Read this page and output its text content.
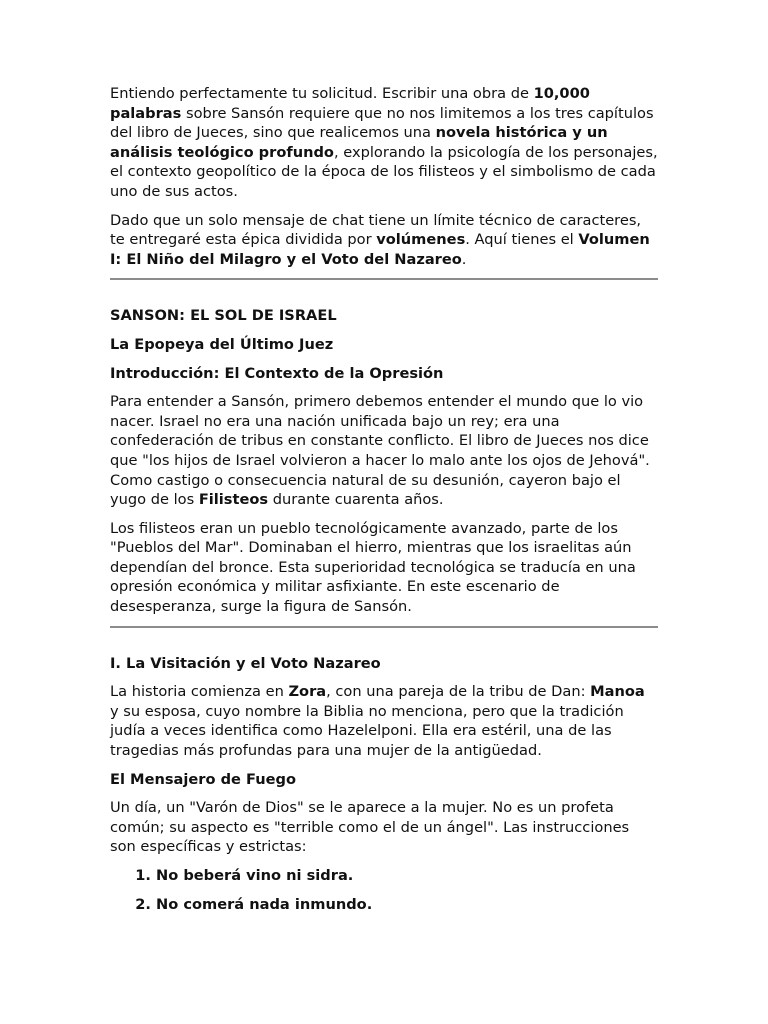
Entiendo perfectamente tu solicitud. Escribir una obra de 10,000 palabras sobre Sansón requiere que no nos limitemos a los tres capítulos del libro de Jueces, sino que realicemos una novela histórica y un análisis teológico profundo, explorando la psicología de los personajes, el contexto geopolítico de la época de los filisteos y el simbolismo de cada uno de sus actos.

Dado que un solo mensaje de chat tiene un límite técnico de caracteres, te entregaré esta épica dividida por volúmenes. Aquí tienes el Volumen I: El Niño del Milagro y el Voto del Nazareo.

SANSON: EL SOL DE ISRAEL

La Epopeya del Último Juez

Introducción: El Contexto de la Opresión

Para entender a Sansón, primero debemos entender el mundo que lo vio nacer. Israel no era una nación unificada bajo un rey; era una confederación de tribus en constante conflicto. El libro de Jueces nos dice que "los hijos de Israel volvieron a hacer lo malo ante los ojos de Jehová". Como castigo o consecuencia natural de su desunión, cayeron bajo el yugo de los Filisteos durante cuarenta años.

Los filisteos eran un pueblo tecnológicamente avanzado, parte de los "Pueblos del Mar". Dominaban el hierro, mientras que los israelitas aún dependían del bronce. Esta superioridad tecnológica se traducía en una opresión económica y militar asfixiante. En este escenario de desesperanza, surge la figura de Sansón.

I. La Visitación y el Voto Nazareo

La historia comienza en Zora, con una pareja de la tribu de Dan: Manoa y su esposa, cuyo nombre la Biblia no menciona, pero que la tradición judía a veces identifica como Hazelelponi. Ella era estéril, una de las tragedias más profundas para una mujer de la antigüedad.

El Mensajero de Fuego

Un día, un "Varón de Dios" se le aparece a la mujer. No es un profeta común; su aspecto es "terrible como el de un ángel". Las instrucciones son específicas y estrictas:

1. No beberá vino ni sidra.
2. No comerá nada inmundo.
